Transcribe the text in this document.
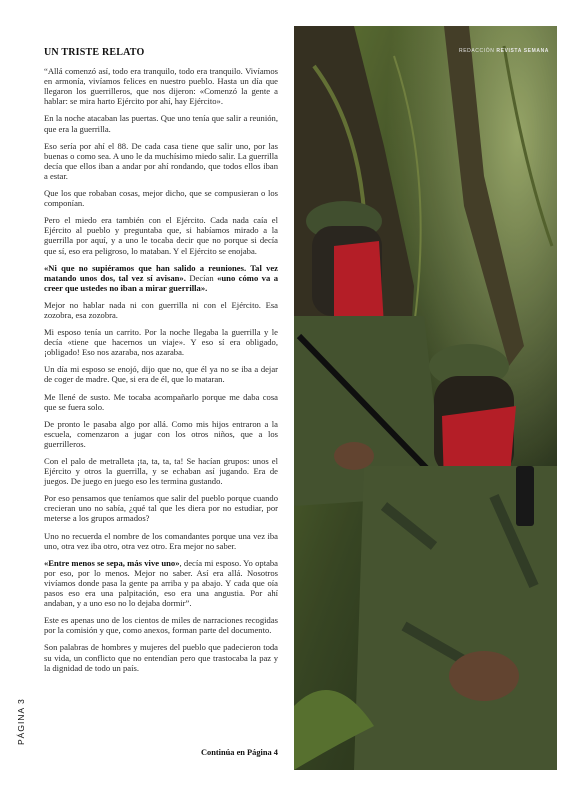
UN TRISTE RELATO

“Allá comenzó así, todo era tranquilo, todo era tranquilo. Vivíamos en armonía, vivíamos felices en nuestro pueblo. Hasta un día que llegaron los guerrilleros, que nos dijeron: «Comenzó la gente a hablar: se mira harto Ejército por ahí, hay Ejército».

En la noche atacaban las puertas. Que uno tenía que salir a reunión, que era la guerrilla.

Eso sería por ahí el 88. De cada casa tiene que salir uno, por las buenas o como sea. A uno le da muchísimo miedo salir. La guerrilla decía que ellos iban a andar por ahí rondando, que todos ellos iban a estar.

Que los que robaban cosas, mejor dicho, que se compusieran o los componían.

Pero el miedo era también con el Ejército. Cada nada caía el Ejército al pueblo y preguntaba que, si habíamos mirado a la guerrilla por aquí, y a uno le tocaba decir que no porque si decía que sí, eso era peligroso, lo mataban. Y el Ejército se enojaba.

«Ni que no supiéramos que han salido a reuniones. Tal vez matando unos dos, tal vez sí avisan». Decían «uno cómo va a creer que ustedes no iban a mirar guerrilla».

Mejor no hablar nada ni con guerrilla ni con el Ejército. Esa zozobra, esa zozobra.

Mi esposo tenía un carrito. Por la noche llegaba la guerrilla y le decía «tiene que hacernos un viaje». Y eso sí era obligado, ¡obligado! Eso nos azaraba, nos azaraba.

Un día mi esposo se enojó, dijo que no, que él ya no se iba a dejar de coger de madre. Que, si era de él, que lo mataran.

Me llené de susto. Me tocaba acompañarlo porque me daba cosa que se fuera solo.

De pronto le pasaba algo por allá. Como mis hijos entraron a la escuela, comenzaron a jugar con los otros niños, que a los guerrilleros.

Con el palo de metralleta ¡ta, ta, ta, ta! Se hacían grupos: unos el Ejército y otros la guerrilla, y se echaban así jugando. Era de juegos. De juego en juego eso les termina gustando.

Por eso pensamos que teníamos que salir del pueblo porque cuando crecieran uno no sabía, ¿qué tal que les diera por no estudiar, por meterse a los grupos armados?

Uno no recuerda el nombre de los comandantes porque una vez iba uno, otra vez iba otro, otra vez otro. Era mejor no saber.

«Entre menos se sepa, más vive uno», decía mi esposo. Yo optaba por eso, por lo menos. Mejor no saber. Así era allá. Nosotros vivíamos donde pasa la gente pa arriba y pa abajo. Y cada que oía pasos eso era una palpitación, eso era una angustia. Por ahí andaban, y a uno eso no lo dejaba dormir”.

Este es apenas uno de los cientos de miles de narraciones recogidas por la comisión y que, como anexos, forman parte del documento.

Son palabras de hombres y mujeres del pueblo que padecieron toda su vida, un conflicto que no entendían pero que trastocaba la paz y la dignidad de todo un país.

Continúa en Página 4
PÁGINA 3
REDACCIÓN REVISTA SEMANA
